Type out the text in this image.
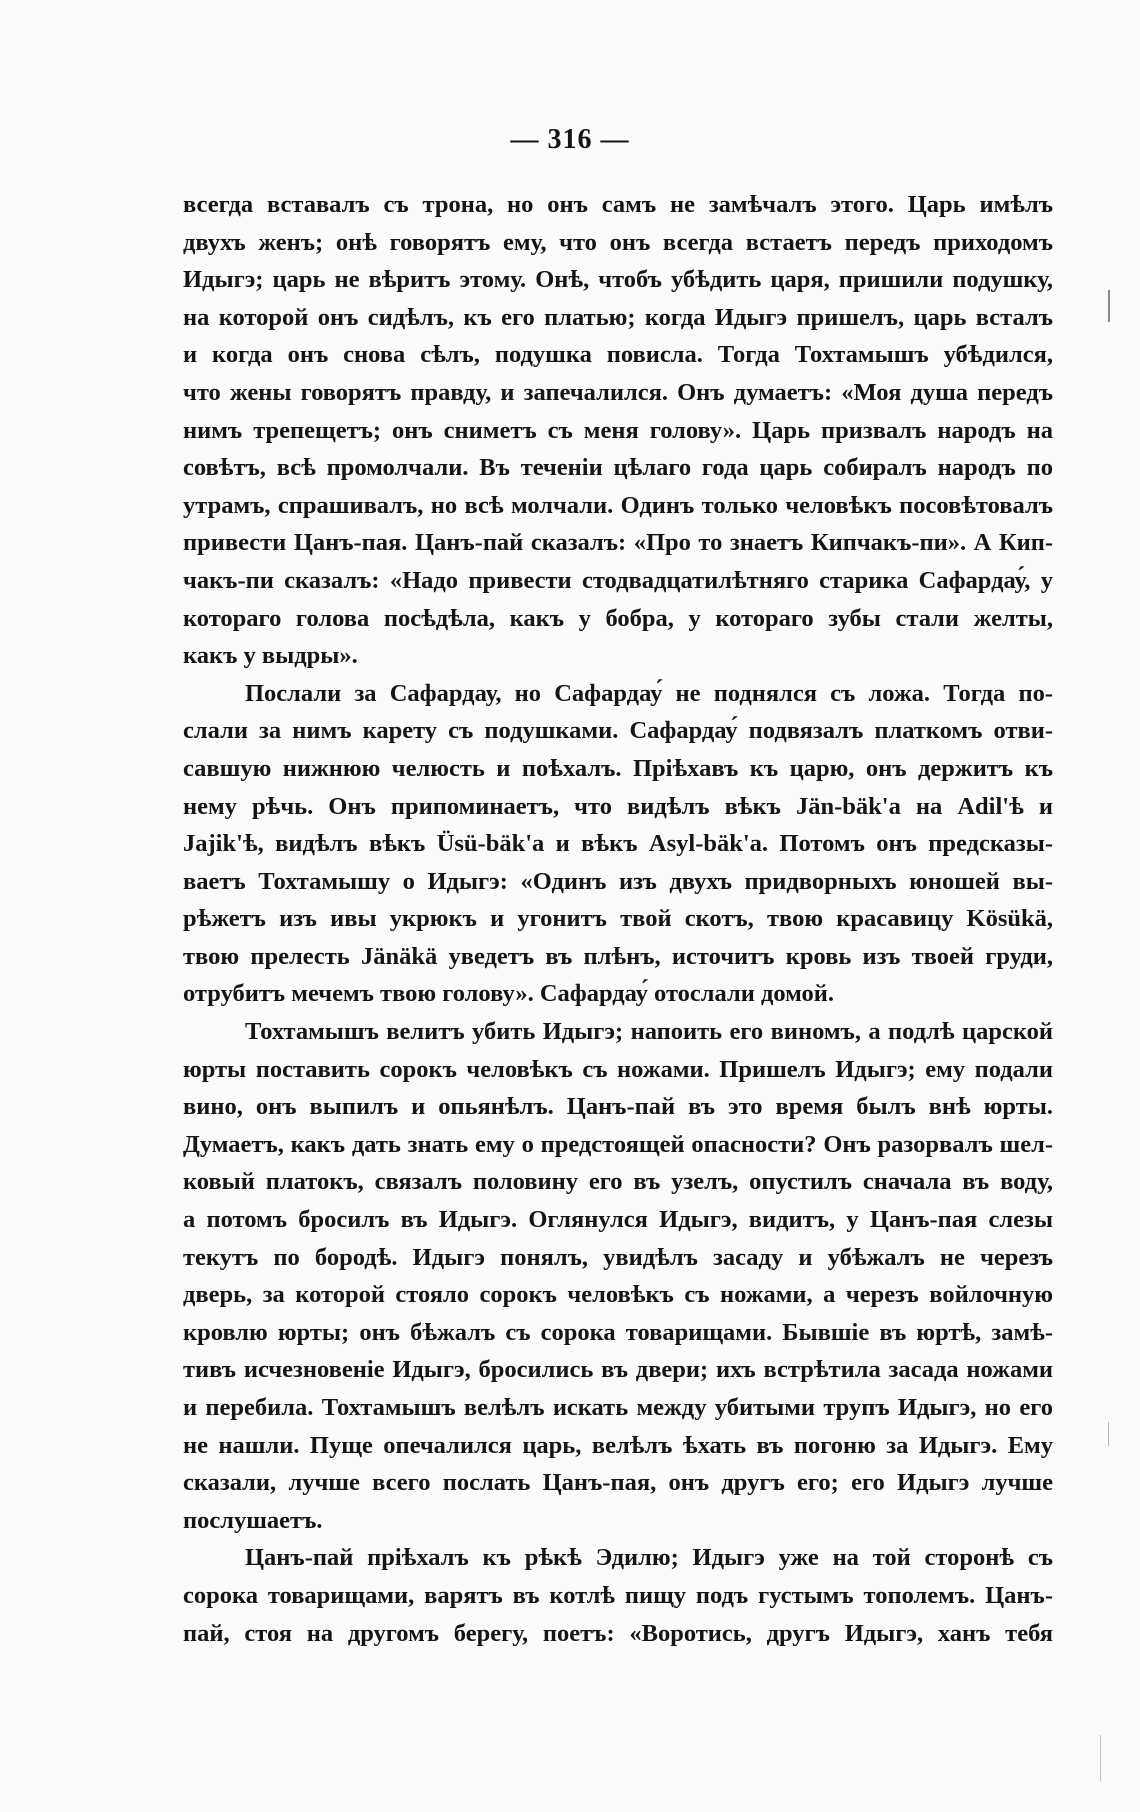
— 316 —
всегда вставалъ съ трона, но онъ самъ не замѣчалъ этого. Царь имѣлъ
двухъ женъ; онѣ говорятъ ему, что онъ всегда встаетъ передъ приходомъ
Идыгэ; царь не вѣритъ этому. Онѣ, чтобъ убѣдить царя, пришили подушку,
на которой онъ сидѣлъ, къ его платью; когда Идыгэ пришелъ, царь всталъ
и когда онъ снова сѣлъ, подушка повисла. Тогда Тохтамышъ убѣдился,
что жены говорятъ правду, и запечалился. Онъ думаетъ: «Моя душа передъ
нимъ трепещетъ; онъ сниметъ съ меня голову». Царь призвалъ народъ на
совѣтъ, всѣ промолчали. Въ теченіи цѣлаго года царь собиралъ народъ по
утрамъ, спрашивалъ, но всѣ молчали. Одинъ только человѣкъ посовѣтовалъ
привести Цанъ-пая. Цанъ-пай сказалъ: «Про то знаетъ Кипчакъ-пи». А Кип-
чакъ-пи сказалъ: «Надо привести стодвадцатилѣтняго старика Сафардау́, у
котораго голова посѣдѣла, какъ у бобра, у котораго зубы стали желты,
какъ у выдры».
Послали за Сафардау, но Сафардау́ не поднялся съ ложа. Тогда по-
слали за нимъ карету съ подушками. Сафардау́ подвязалъ платкомъ отви-
савшую нижнюю челюсть и поѣхалъ. Пріѣхавъ къ царю, онъ держитъ къ
нему рѣчь. Онъ припоминаетъ, что видѣлъ вѣкъ Jän-bäk'a на Adil'ѣ и
Jajik'ѣ, видѣлъ вѣкъ Üsü-bäk'a и вѣкъ Asyl-bäk'a. Потомъ онъ предсказы-
ваетъ Тохтамышу о Идыгэ: «Одинъ изъ двухъ придворныхъ юношей вы-
рѣжетъ изъ ивы укрюкъ и угонитъ твой скотъ, твою красавицу Kösükä,
твою прелесть Jänäkä уведетъ въ плѣнъ, источитъ кровь изъ твоей груди,
отрубитъ мечемъ твою голову». Сафардау́ отослали домой.
Тохтамышъ велитъ убить Идыгэ; напоить его виномъ, а подлѣ царской
юрты поставить сорокъ человѣкъ съ ножами. Пришелъ Идыгэ; ему подали
вино, онъ выпилъ и опьянѣлъ. Цанъ-пай въ это время былъ внѣ юрты.
Думаетъ, какъ дать знать ему о предстоящей опасности? Онъ разорвалъ шел-
ковый платокъ, связалъ половину его въ узелъ, опустилъ сначала въ воду,
а потомъ бросилъ въ Идыгэ. Оглянулся Идыгэ, видитъ, у Цанъ-пая слезы
текутъ по бородѣ. Идыгэ понялъ, увидѣлъ засаду и убѣжалъ не черезъ
дверь, за которой стояло сорокъ человѣкъ съ ножами, а черезъ войлочную
кровлю юрты; онъ бѣжалъ съ сорока товарищами. Бывшіе въ юртѣ, замѣ-
тивъ исчезновеніе Идыгэ, бросились въ двери; ихъ встрѣтила засада ножами
и перебила. Тохтамышъ велѣлъ искать между убитыми трупъ Идыгэ, но его
не нашли. Пуще опечалился царь, велѣлъ ѣхать въ погоню за Идыгэ. Ему
сказали, лучше всего послать Цанъ-пая, онъ другъ его; его Идыгэ лучше
послушаетъ.
Цанъ-пай пріѣхалъ къ рѣкѣ Эдилю; Идыгэ уже на той сторонѣ съ
сорока товарищами, варятъ въ котлѣ пищу подъ густымъ тополемъ. Цанъ-
пай, стоя на другомъ берегу, поетъ: «Воротись, другъ Идыгэ, ханъ тебя
